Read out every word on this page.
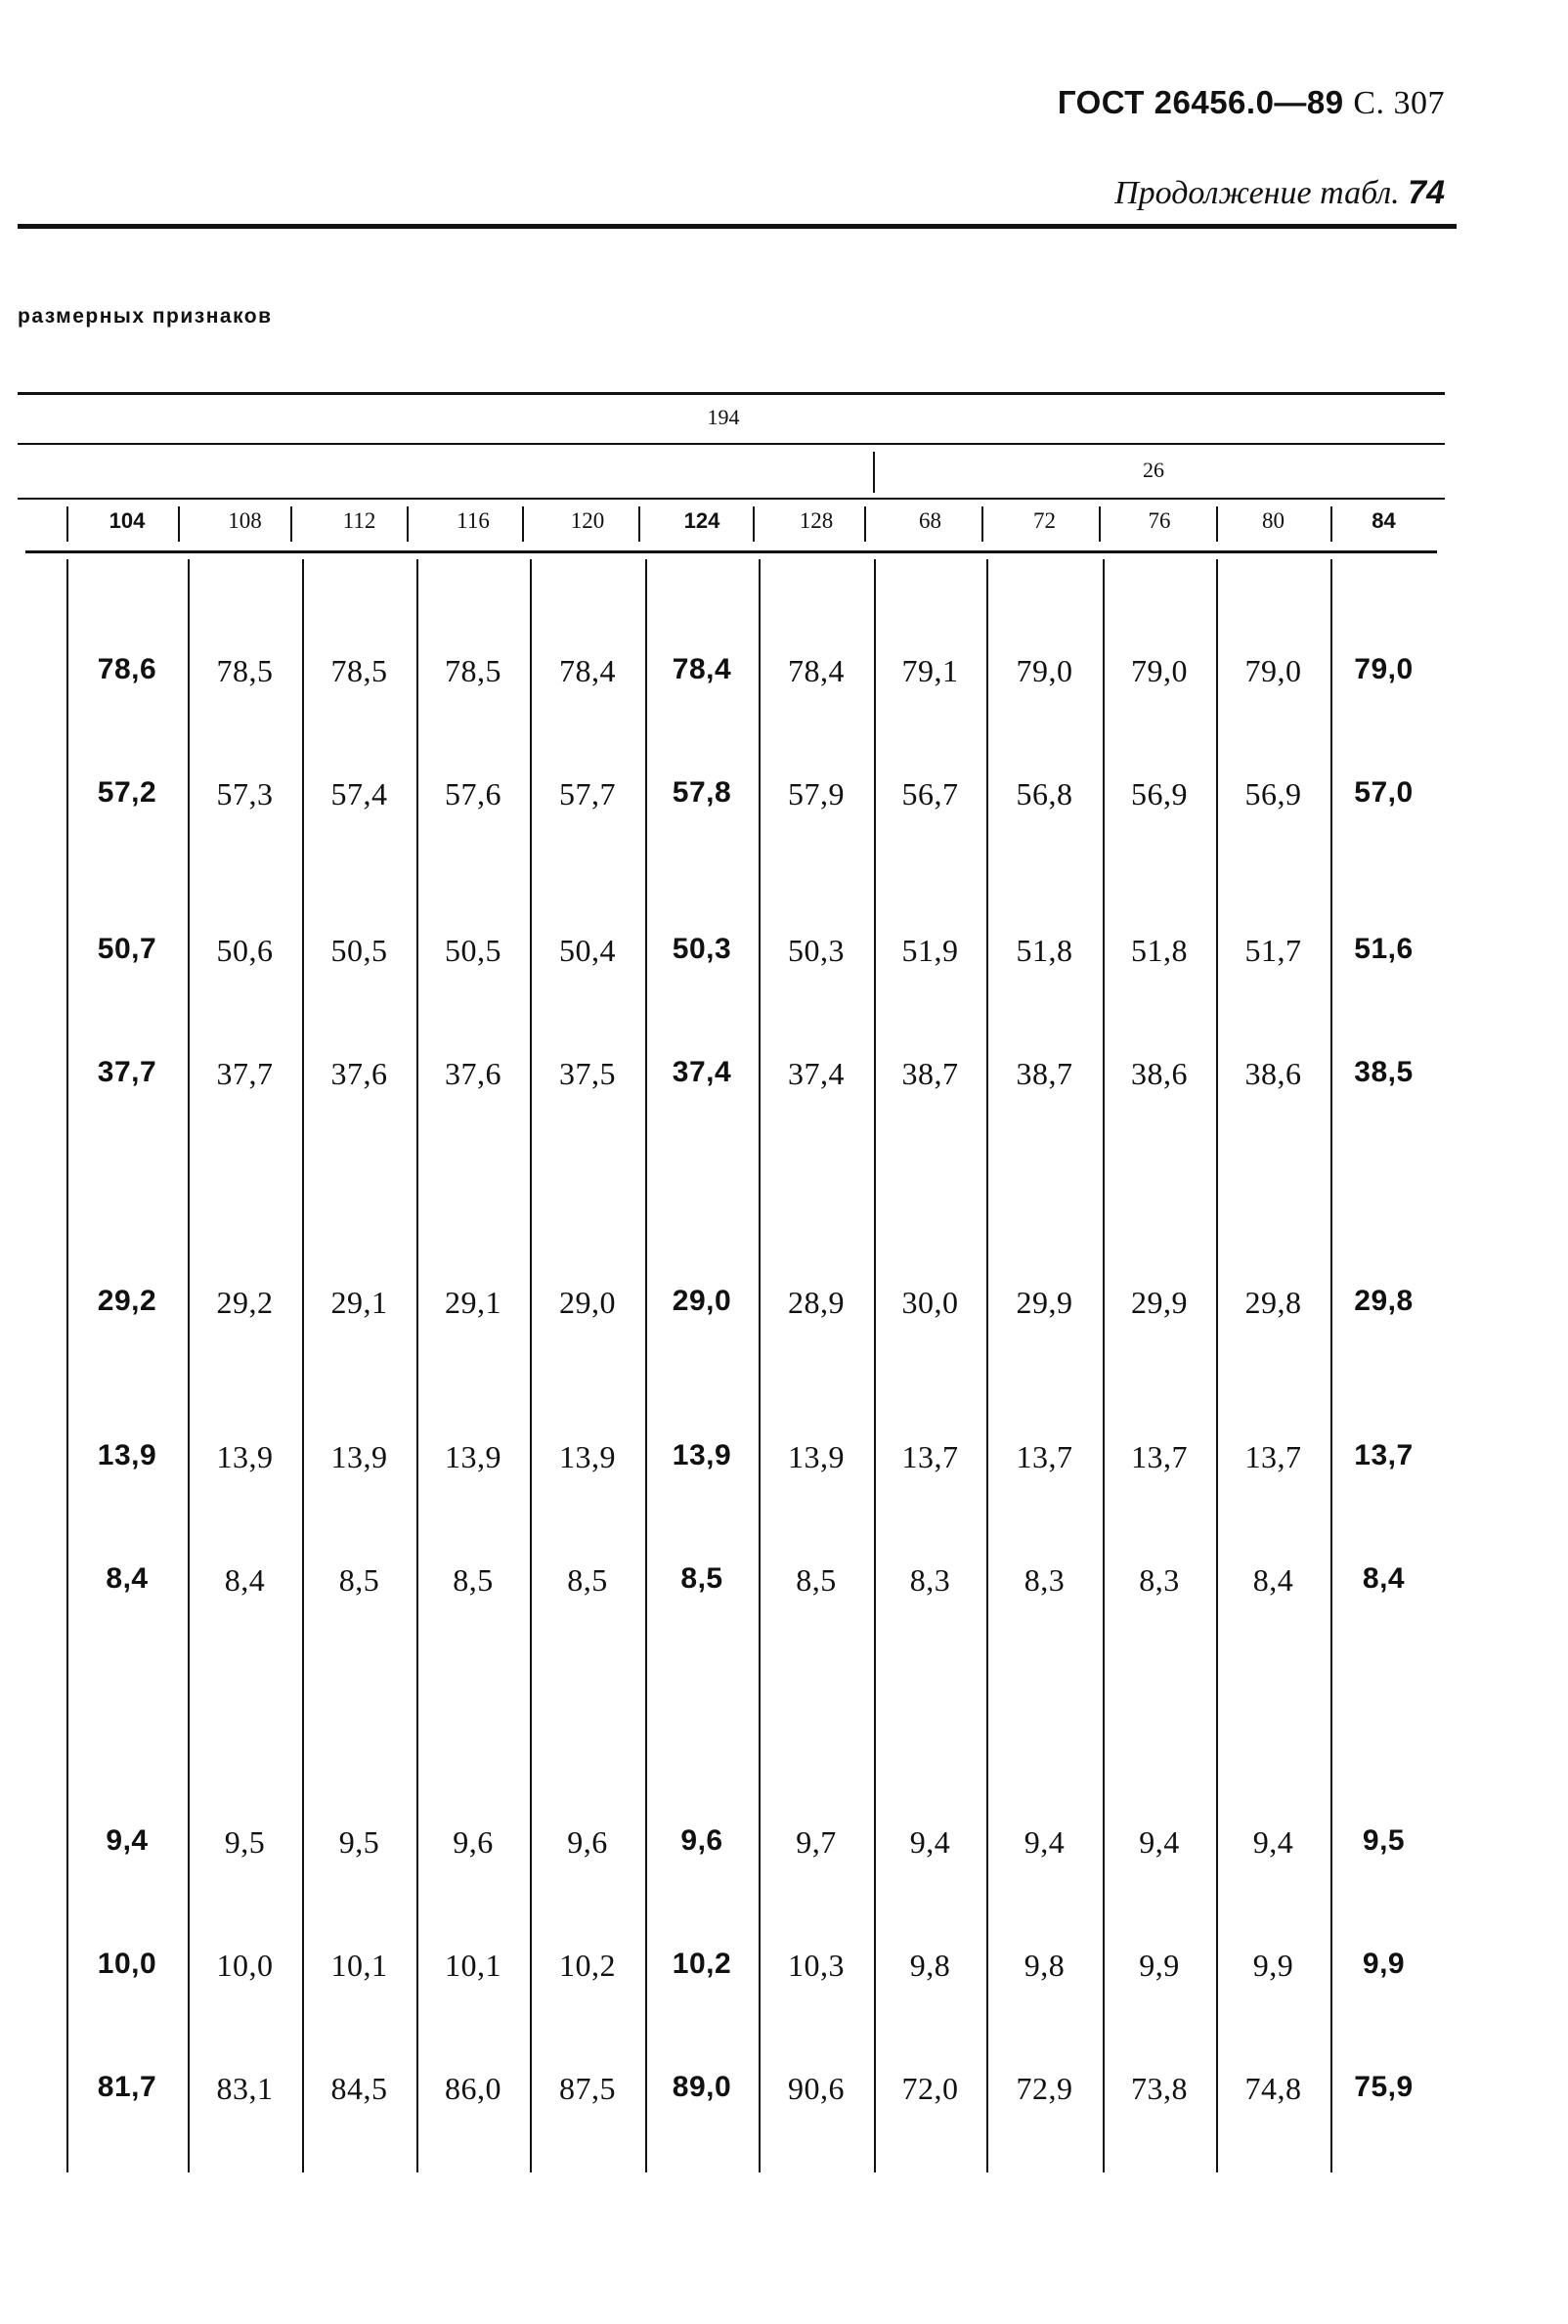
ГОСТ 26456.0—89 С. 307
Продолжение табл. 74
размерных признаков
194
26
104	108	112	116	120	124	128	68	72	76	80	84
78,6	78,5	78,5	78,5	78,4	78,4	78,4	79,1	79,0	79,0	79,0	79,0
57,2	57,3	57,4	57,6	57,7	57,8	57,9	56,7	56,8	56,9	56,9	57,0
50,7	50,6	50,5	50,5	50,4	50,3	50,3	51,9	51,8	51,8	51,7	51,6
37,7	37,7	37,6	37,6	37,5	37,4	37,4	38,7	38,7	38,6	38,6	38,5
29,2	29,2	29,1	29,1	29,0	29,0	28,9	30,0	29,9	29,9	29,8	29,8
13,9	13,9	13,9	13,9	13,9	13,9	13,9	13,7	13,7	13,7	13,7	13,7
8,4	8,4	8,5	8,5	8,5	8,5	8,5	8,3	8,3	8,3	8,4	8,4
9,4	9,5	9,5	9,6	9,6	9,6	9,7	9,4	9,4	9,4	9,4	9,5
10,0	10,0	10,1	10,1	10,2	10,2	10,3	9,8	9,8	9,9	9,9	9,9
81,7	83,1	84,5	86,0	87,5	89,0	90,6	72,0	72,9	73,8	74,8	75,9
